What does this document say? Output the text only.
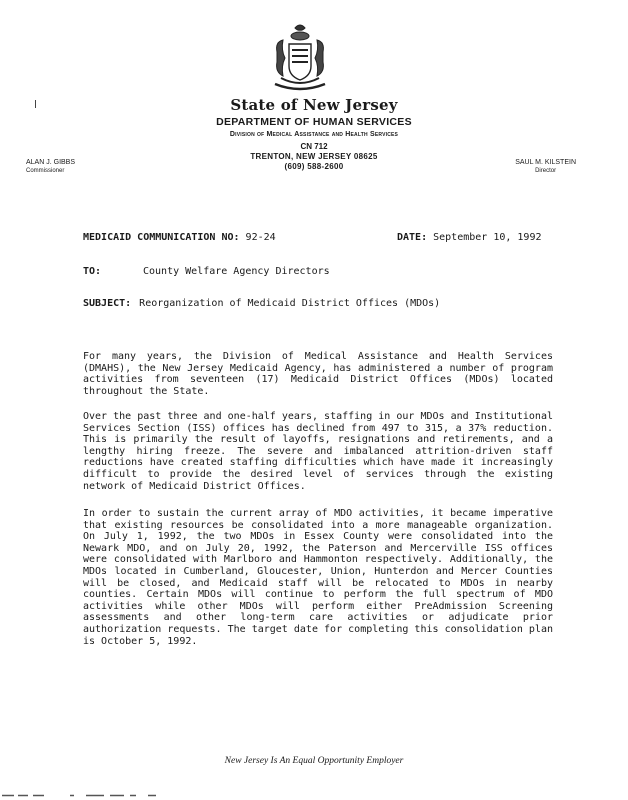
State of New Jersey
DEPARTMENT OF HUMAN SERVICES
Division of Medical Assistance and Health Services
CN 712
TRENTON, NEW JERSEY 08625
(609) 588-2600
ALAN J. GIBBS
Commissioner
SAUL M. KILSTEIN
Director
MEDICAID COMMUNICATION NO: 92-24	DATE: September 10, 1992
TO:	County Welfare Agency Directors
SUBJECT: Reorganization of Medicaid District Offices (MDOs)
For many years, the Division of Medical Assistance and Health Services (DMAHS), the New Jersey Medicaid Agency, has administered a number of program activities from seventeen (17) Medicaid District Offices (MDOs) located throughout the State.
Over the past three and one-half years, staffing in our MDOs and Institutional Services Section (ISS) offices has declined from 497 to 315, a 37% reduction. This is primarily the result of layoffs, resignations and retirements, and a lengthy hiring freeze. The severe and imbalanced attrition-driven staff reductions have created staffing difficulties which have made it increasingly difficult to provide the desired level of services through the existing network of Medicaid District Offices.
In order to sustain the current array of MDO activities, it became imperative that existing resources be consolidated into a more manageable organization. On July 1, 1992, the two MDOs in Essex County were consolidated into the Newark MDO, and on July 20, 1992, the Paterson and Mercerville ISS offices were consolidated with Marlboro and Hammonton respectively. Additionally, the MDOs located in Cumberland, Gloucester, Union, Hunterdon and Mercer Counties will be closed, and Medicaid staff will be relocated to MDOs in nearby counties. Certain MDOs will continue to perform the full spectrum of MDO activities while other MDOs will perform either PreAdmission Screening assessments and other long-term care activities or adjudicate prior authorization requests. The target date for completing this consolidation plan is October 5, 1992.
New Jersey Is An Equal Opportunity Employer
